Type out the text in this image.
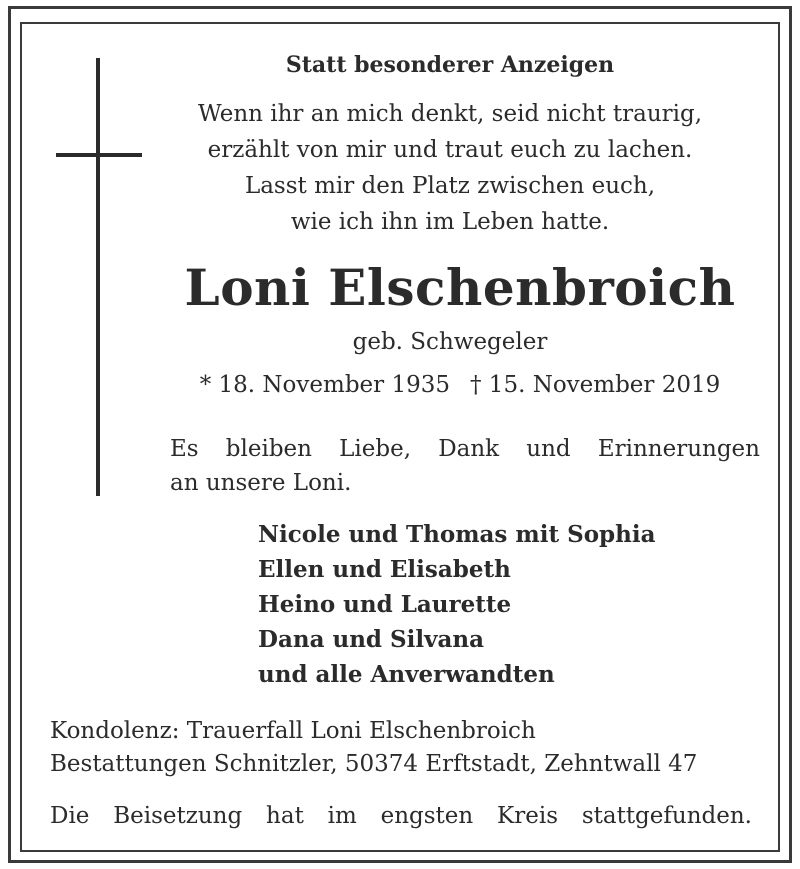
Statt besonderer Anzeigen
Wenn ihr an mich denkt, seid nicht traurig,
erzählt von mir und traut euch zu lachen.
Lasst mir den Platz zwischen euch,
wie ich ihn im Leben hatte.
Loni Elschenbroich
geb. Schwegeler
* 18. November 1935 † 15. November 2019
Es bleiben Liebe, Dank und Erinnerungen
an unsere Loni.
Nicole und Thomas mit Sophia
Ellen und Elisabeth
Heino und Laurette
Dana und Silvana
und alle Anverwandten
Kondolenz: Trauerfall Loni Elschenbroich
Bestattungen Schnitzler, 50374 Erftstadt, Zehntwall 47
Die Beisetzung hat im engsten Kreis stattgefunden.
